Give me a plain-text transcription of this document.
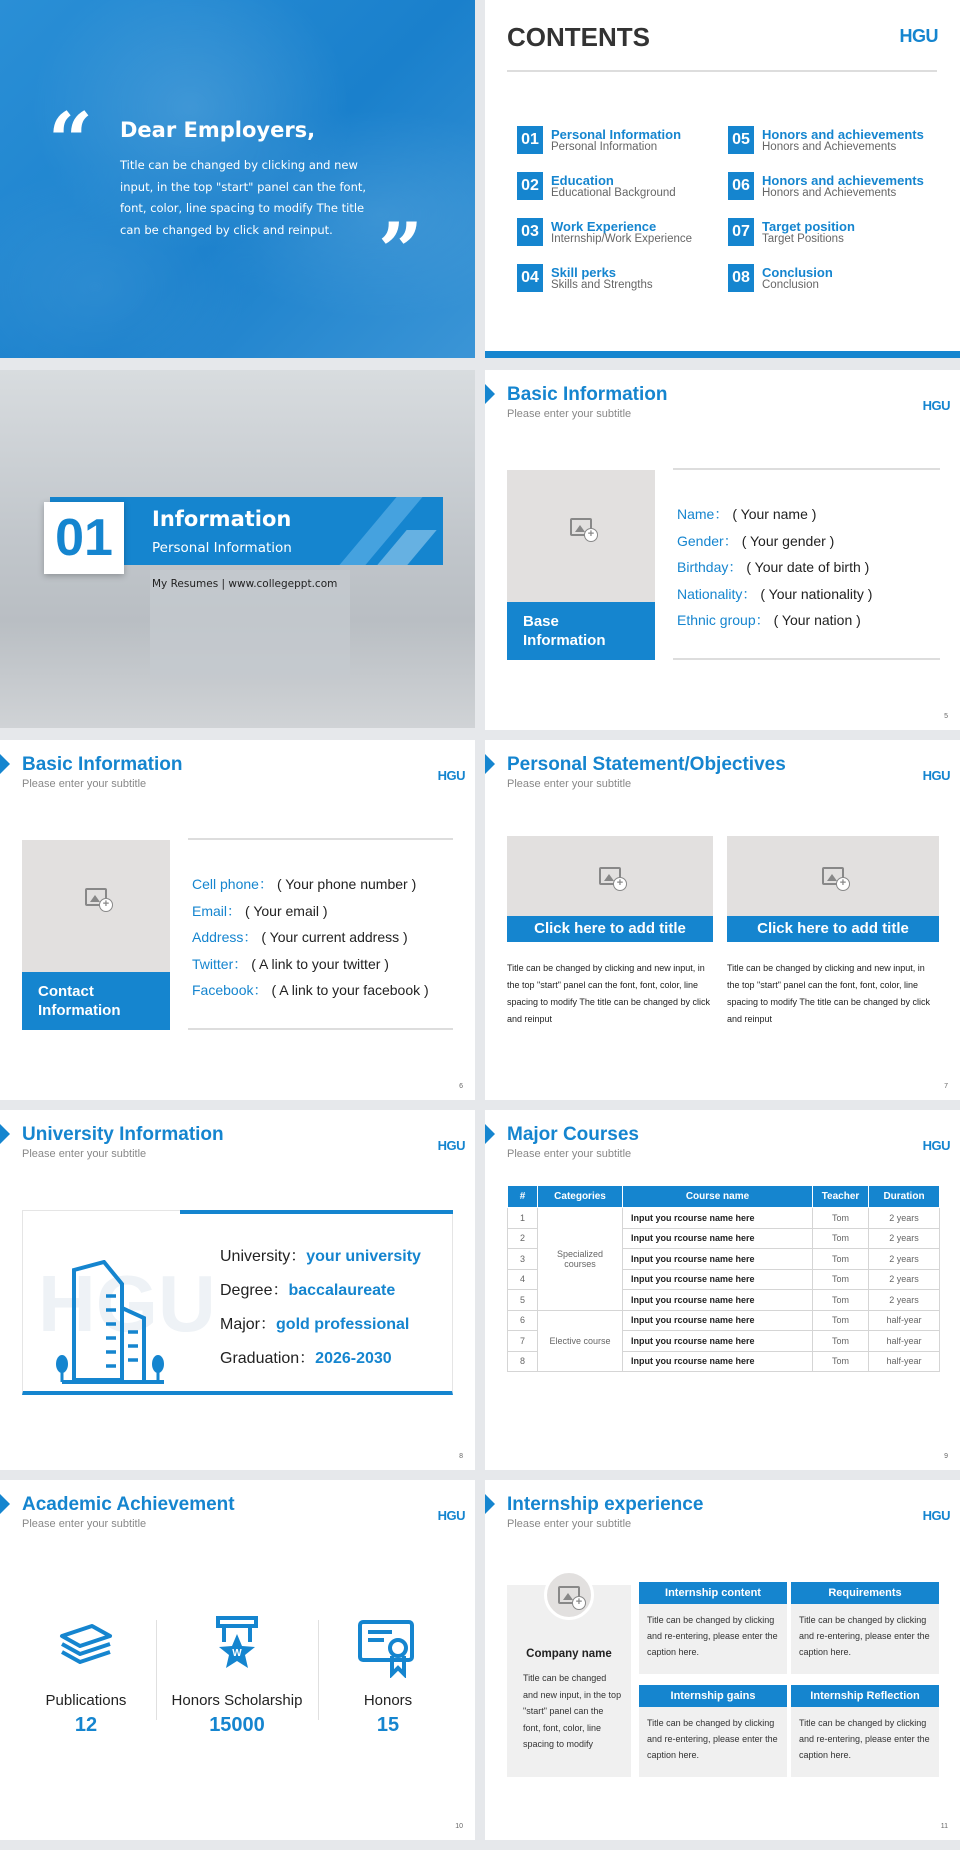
“ Dear Employers,
Title can be changed by clicking and new input, in the top "start" panel can the font, font, color, line spacing to modify The title can be changed by click and reinput. ”
CONTENTS	HGU
01 Personal Information
Personal Information
02 Education
Educational Background
03 Work Experience
Internship/Work Experience
04 Skill perks
Skills and Strengths
05 Honors and achievements
Honors and Achievements
06 Honors and achievements
Honors and Achievements
07 Target position
Target Positions
08 Conclusion
Conclusion
01	Information
Personal Information
My Resumes | www.collegeppt.com
Basic Information
Please enter your subtitle
HGU
+
Base Information
Name： ( Your name )
Gender： ( Your gender )
Birthday： ( Your date of birth )
Nationality： ( Your nationality )
Ethnic group： ( Your nation )
5
Basic Information
Please enter your subtitle
HGU
+
Contact Information
Cell phone： ( Your phone number )
Email： ( Your email )
Address： ( Your current address )
Twitter： ( A link to your twitter )
Facebook： ( A link to your facebook )
6
Personal Statement/Objectives
Please enter your subtitle
HGU
+
Click here to add title
Title can be changed by clicking and new input, in the top "start" panel can the font, font, color, line spacing to modify The title can be changed by click and reinput
+
Click here to add title
Title can be changed by clicking and new input, in the top "start" panel can the font, font, color, line spacing to modify The title can be changed by click and reinput
7
University Information
Please enter your subtitle
HGU
HGU
University：your university
Degree：baccalaureate
Major：gold professional
Graduation：2026-2030
8
Major Courses
Please enter your subtitle
HGU
#	Categories	Course name	Teacher	Duration
1	Specialized courses	Input you rcourse name here	Tom	2 years
2		Input you rcourse name here	Tom	2 years
3		Input you rcourse name here	Tom	2 years
4		Input you rcourse name here	Tom	2 years
5		Input you rcourse name here	Tom	2 years
6	Elective course	Input you rcourse name here	Tom	half-year
7		Input you rcourse name here	Tom	half-year
8		Input you rcourse name here	Tom	half-year
9
Academic Achievement
Please enter your subtitle
HGU
W
Publications
12
Honors Scholarship
15000
Honors
15
10
Internship experience
Please enter your subtitle
HGU
+
Company name
Title can be changed and new input, in the top "start" panel can the font, font, color, line spacing to modify
Internship content
Title can be changed by clicking and re-entering, please enter the caption here.
Requirements
Title can be changed by clicking and re-entering, please enter the caption here.
Internship gains
Title can be changed by clicking and re-entering, please enter the caption here.
Internship Reflection
Title can be changed by clicking and re-entering, please enter the caption here.
11
